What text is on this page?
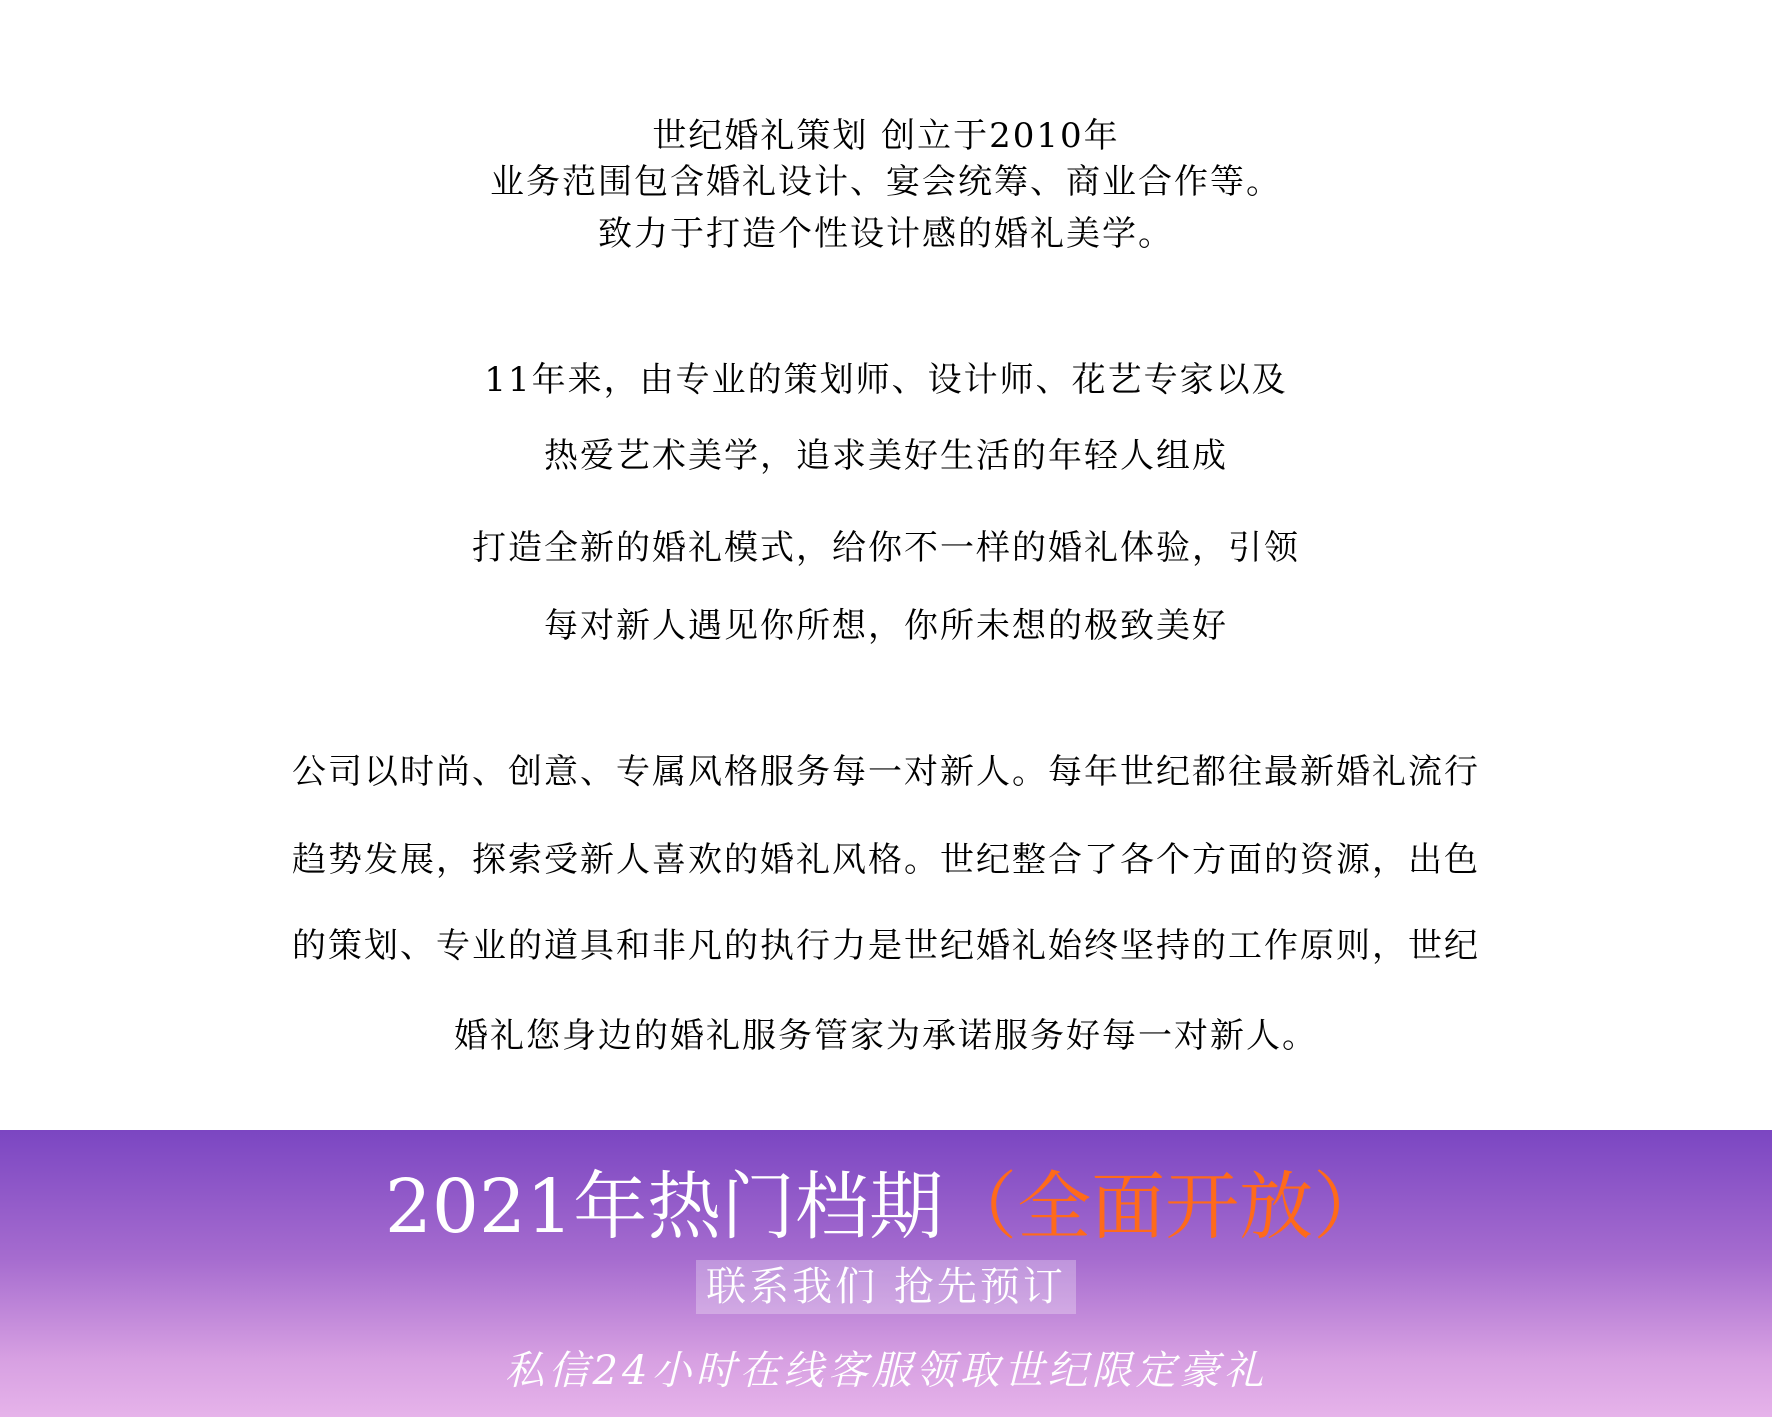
世纪婚礼策划 创立于2010年
业务范围包含婚礼设计、宴会统筹、商业合作等。
致力于打造个性设计感的婚礼美学。
11年来，由专业的策划师、设计师、花艺专家以及
热爱艺术美学，追求美好生活的年轻人组成
打造全新的婚礼模式，给你不一样的婚礼体验，引领
每对新人遇见你所想，你所未想的极致美好
公司以时尚、创意、专属风格服务每一对新人。每年世纪都往最新婚礼流行
趋势发展，探索受新人喜欢的婚礼风格。世纪整合了各个方面的资源，出色
的策划、专业的道具和非凡的执行力是世纪婚礼始终坚持的工作原则，世纪
婚礼您身边的婚礼服务管家为承诺服务好每一对新人。
2021年热门档期（全面开放）
联系我们 抢先预订
私信24小时在线客服领取世纪限定豪礼
